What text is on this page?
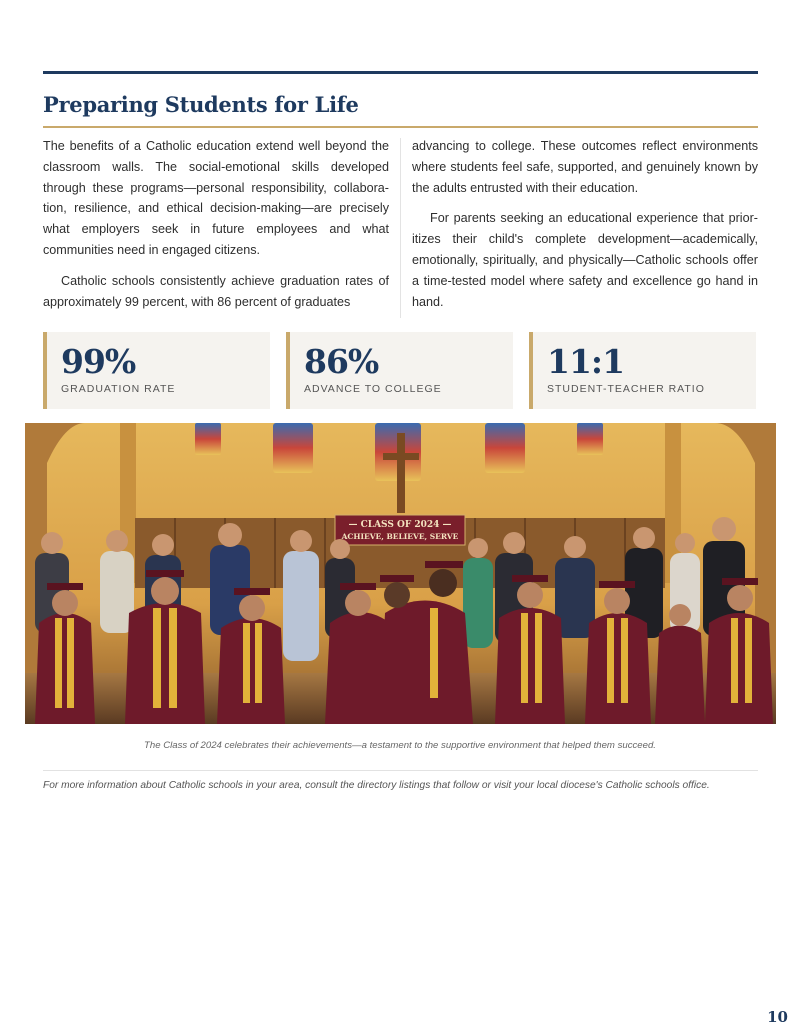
Preparing Students for Life

The benefits of a Catholic education extend well beyond the classroom walls. The social-emotional skills developed through these programs—personal responsibility, collabora-tion, resilience, and ethical decision-making—are precisely what employers seek in future employees and what communities need in engaged citizens.

Catholic schools consistently achieve graduation rates of approximately 99 percent, with 86 percent of graduates

advancing to college. These outcomes reflect environments where students feel safe, supported, and genuinely known by the adults entrusted with their education.

For parents seeking an educational experience that prior-itizes their child's complete development—academically, emotionally, spiritually, and physically—Catholic schools offer a time-tested model where safety and excellence go hand in hand.

99%

GRADUATION RATE

86%

ADVANCE TO COLLEGE

11:1

STUDENT-TEACHER RATIO

— CLASS OF 2024 —
ACHIEVE, BELIEVE, SERVE

The Class of 2024 celebrates their achievements—a testament to the supportive environment that helped them succeed.

For more information about Catholic schools in your area, consult the directory listings that follow or visit your local diocese's Catholic schools office.

10
